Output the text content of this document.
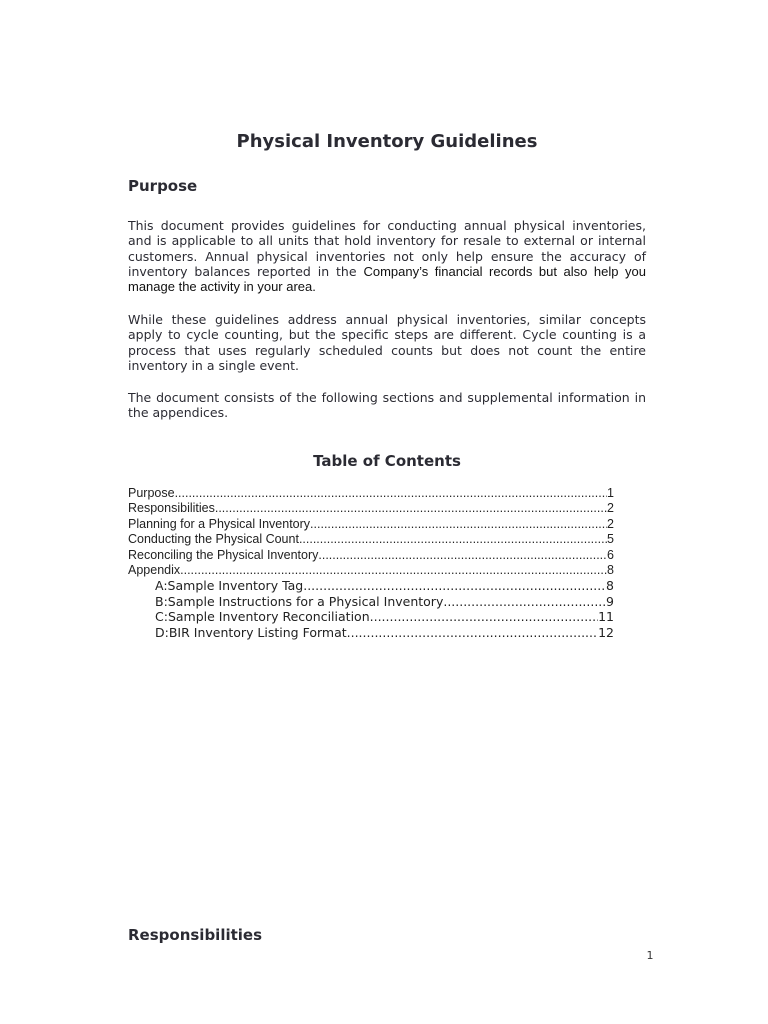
Physical Inventory Guidelines
Purpose

This document provides guidelines for conducting annual physical inventories, and is applicable to all units that hold inventory for resale to external or internal customers. Annual physical inventories not only help ensure the accuracy of inventory balances reported in the Company’s financial records but also help you manage the activity in your area.

While these guidelines address annual physical inventories, similar concepts apply to cycle counting, but the specific steps are different. Cycle counting is a process that uses regularly scheduled counts but does not count the entire inventory in a single event.

The document consists of the following sections and supplemental information in the appendices.

Table of Contents
Purpose .....	1
Responsibilities .....	2
Planning for a Physical Inventory .....	2
Conducting the Physical Count .....	5
Reconciling the Physical Inventory .....	6
Appendix .....	8
A:Sample Inventory Tag .....	8
B:Sample Instructions for a Physical Inventory .....	9
C:Sample Inventory Reconciliation .....	11
D:BIR Inventory Listing Format .....	12
Responsibilities
1
